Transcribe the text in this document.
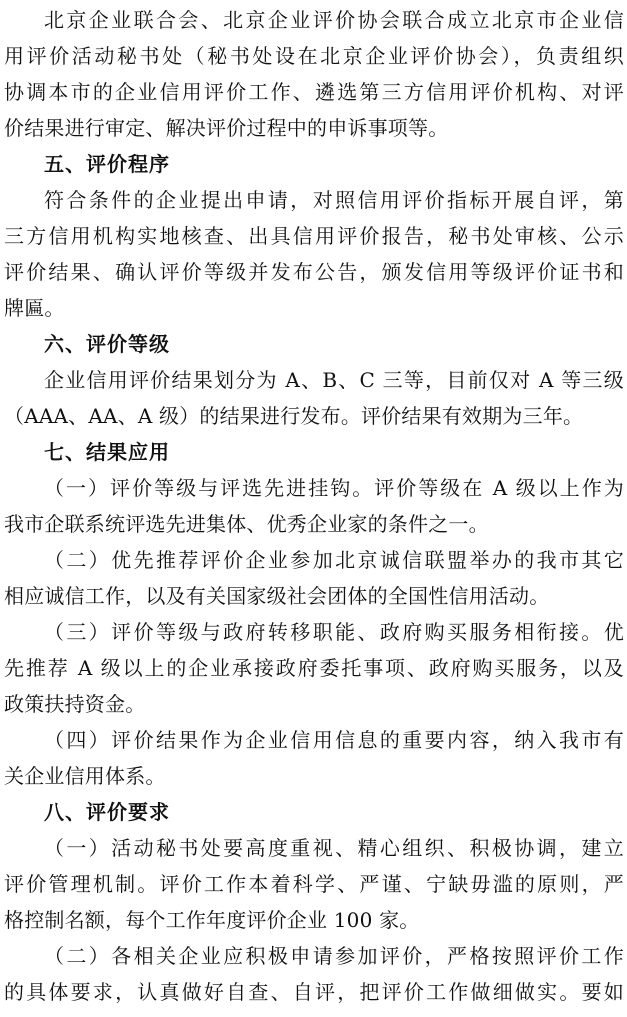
北京企业联合会、北京企业评价协会联合成立北京市企业信
用评价活动秘书处（秘书处设在北京企业评价协会），负责组织
协调本市的企业信用评价工作、遴选第三方信用评价机构、对评
价结果进行审定、解决评价过程中的申诉事项等。
五、评价程序
符合条件的企业提出申请，对照信用评价指标开展自评，第
三方信用机构实地核查、出具信用评价报告，秘书处审核、公示
评价结果、确认评价等级并发布公告，颁发信用等级评价证书和
牌匾。
六、评价等级
企业信用评价结果划分为 A、B、C 三等，目前仅对 A 等三级
（AAA、AA、A 级）的结果进行发布。评价结果有效期为三年。
七、结果应用
（一）评价等级与评选先进挂钩。评价等级在 A 级以上作为
我市企联系统评选先进集体、优秀企业家的条件之一。
（二）优先推荐评价企业参加北京诚信联盟举办的我市其它
相应诚信工作，以及有关国家级社会团体的全国性信用活动。
（三）评价等级与政府转移职能、政府购买服务相衔接。优
先推荐 A 级以上的企业承接政府委托事项、政府购买服务，以及
政策扶持资金。
（四）评价结果作为企业信用信息的重要内容，纳入我市有
关企业信用体系。
八、评价要求
（一）活动秘书处要高度重视、精心组织、积极协调，建立
评价管理机制。评价工作本着科学、严谨、宁缺毋滥的原则，严
格控制名额，每个工作年度评价企业 100 家。
（二）各相关企业应积极申请参加评价，严格按照评价工作
的具体要求，认真做好自查、自评，把评价工作做细做实。要如
